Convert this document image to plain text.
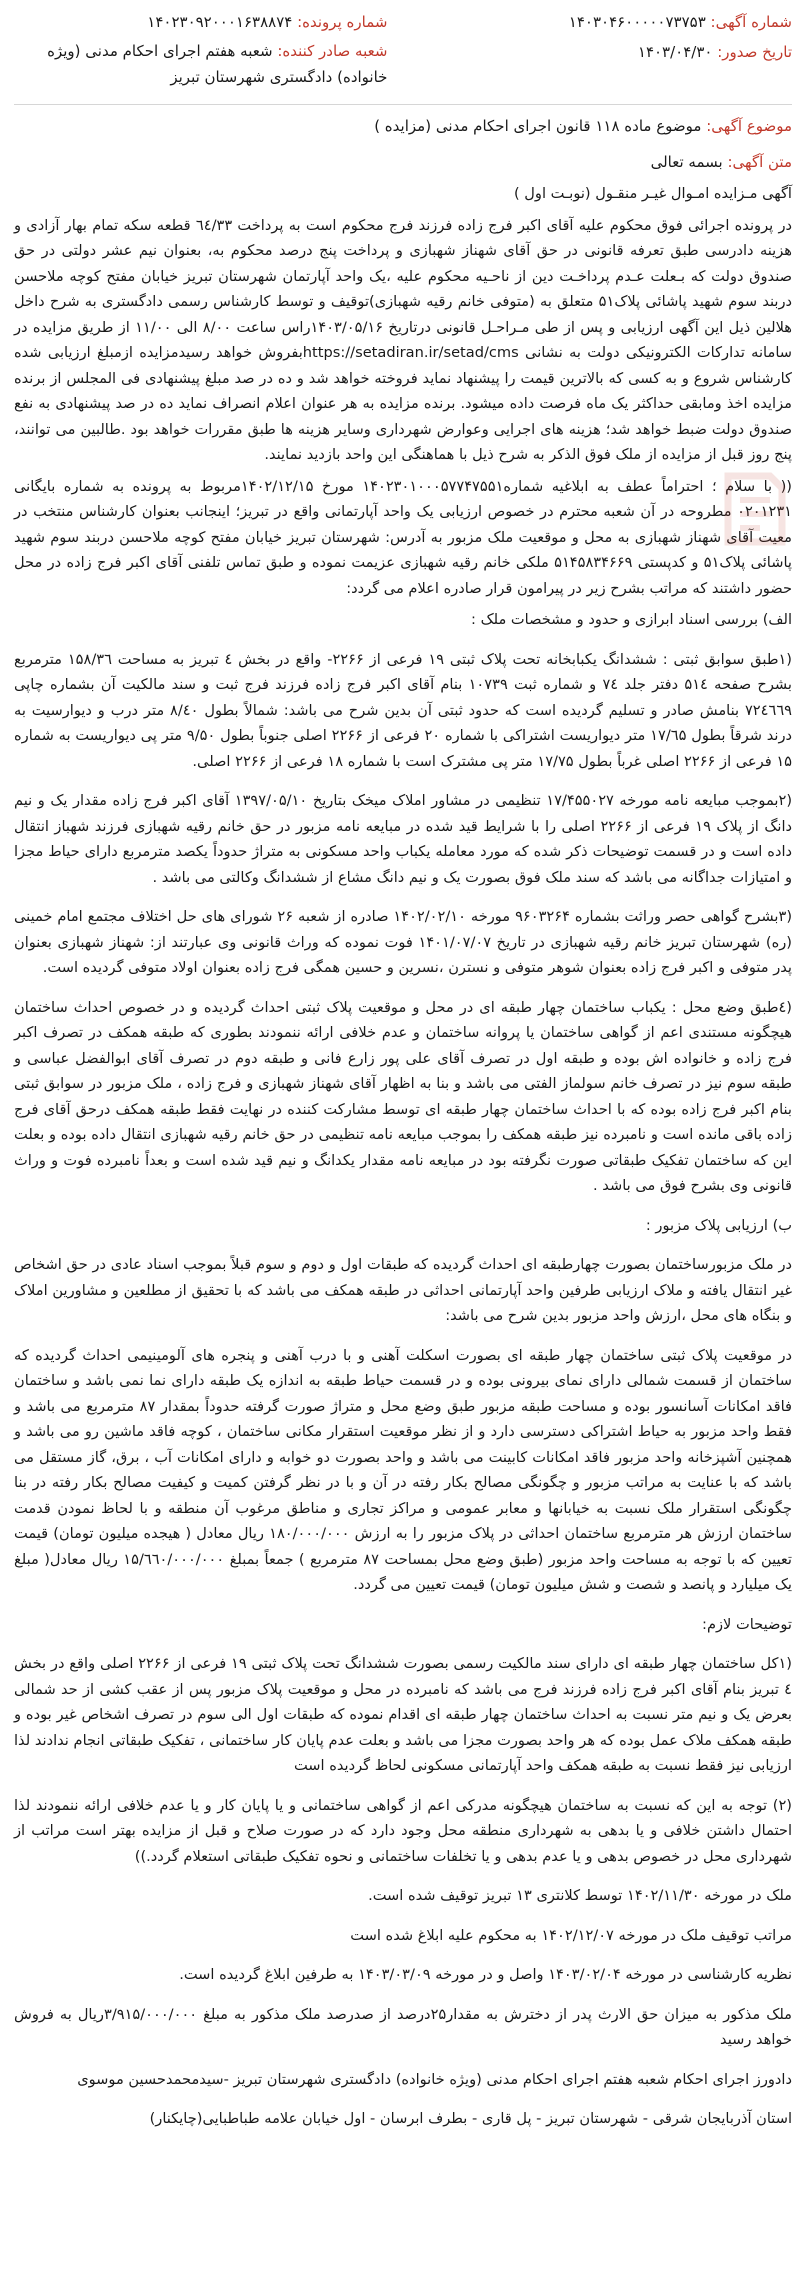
شماره آگهی: ۱۴۰۳۰۴۶۰۰۰۰۰۷۳۷۵۳
تاریخ صدور: ۱۴۰۳/۰۴/۳۰
شماره پرونده: ۱۴۰۲۳۰۹۲۰۰۰۱۶۳۸۸۷۴
شعبه صادر کننده: شعبه هفتم اجرای احکام مدنی (ویژه خانواده) دادگستری شهرستان تبریز
موضوع آگهی: موضوع ماده ۱۱۸ قانون اجرای احکام مدنی (مزایده )
متن آگهی: بسمه تعالی
آگهی مـزایده امـوال غیـر منقـول (نوبـت اول )
در پرونده اجرائی فوق محکوم علیه آقای اکبر فرج زاده فرزند فرج محکوم است به پرداخت ٦٤/٣٣ قطعه سکه تمام بهار آزادی و هزینه دادرسی طبق تعرفه قانونی در حق آقای شهناز شهبازی و پرداخت پنج درصد محکوم به، بعنوان نیم عشر دولتی در حق صندوق دولت که بـعلت عـدم پرداخـت دین از ناحـیه محکوم علیه ،یک واحد آپارتمان شهرستان تبریز خیابان مفتح کوچه ملاحسن دربند سوم شهید پاشائی پلاک۵۱ متعلق به (متوفی خانم رقیه شهبازی)توقیف و توسط کارشناس رسمی دادگستری به شرح داخل هلالین ذیل این آگهی ارزیابی و پس از طی مـراحـل قانونی درتاریخ ۱۴۰۳/۰۵/۱۶راس ساعت ۸/۰۰ الی ۱۱/۰۰ از طریق مزایده در سامانه تدارکات الکترونیکی دولت به نشانی https://setadiran.ir/setad/cmsبفروش خواهد رسیدمزایده ازمبلغ ارزیابی شده کارشناس شروع و به کسی که بالاترین قیمت را پیشنهاد نماید فروخته خواهد شد و ده در صد مبلغ پیشنهادی فی المجلس از برنده مزایده اخذ ومابقی حداکثر یک ماه فرصت داده میشود. برنده مزایده به هر عنوان اعلام انصراف نماید ده در صد پیشنهادی به نفع صندوق دولت ضبط خواهد شد؛ هزینه های اجرایی وعوارض شهرداری وسایر هزینه ها طبق مقررات خواهد بود .طالبین می توانند، پنج روز قبل از مزایده از ملک فوق الذکر به شرح ذیل با هماهنگی این واحد بازدید نمایند.
(( با سلام ؛ احتراماً عطف به ابلاغیه شماره۱۴۰۲۳۰۱۰۰۰۵۷۷۴۷۵۵۱ مورخ ۱۴۰۲/۱۲/۱۵مربوط به پرونده به شماره بایگانی ۰۲۰۱۲۳۱ مطروحه در آن شعبه محترم در خصوص ارزیابی یک واحد آپارتمانی واقع در تبریز؛ اینجانب بعنوان کارشناس منتخب در معیت آقای شهناز شهبازی به محل و موقعیت ملک مزبور به آدرس: شهرستان تبریز خیابان مفتح کوچه ملاحسن دربند سوم شهید پاشائی پلاک۵۱ و کدپستی ۵۱۴۵۸۳۴۶۶۹ ملکی خانم رقیه شهبازی عزیمت نموده و طبق تماس تلفنی آقای اکبر فرج زاده در محل حضور داشتند که مراتب بشرح زیر در پیرامون قرار صادره اعلام می گردد:
الف) بررسی اسناد ابرازی و حدود و مشخصات ملک :
(۱طبق سوابق ثبتی : ششدانگ یکبابخانه تحت پلاک ثبتی ۱۹ فرعی از ۲۲۶۶- واقع در بخش ٤ تبریز به مساحت ۱۵۸/۳٦ مترمربع بشرح صفحه ۵۱٤ دفتر جلد ٧٤ و شماره ثبت ۱۰۷۳۹ بنام آقای اکبر فرج زاده فرزند فرج ثبت و سند مالکیت آن بشماره چاپی ٧۲٤٦٦۹ بنامش صادر و تسلیم گردیده است که حدود ثبتی آن بدین شرح می باشد: شمالاً بطول ۸/٤۰ متر درب و دیوارسیت به درند شرقاً بطول ۱۷/٦۵ متر دیواریست اشتراکی با شماره ۲۰ فرعی از ۲۲۶۶ اصلی جنوباً بطول ۹/۵۰ متر پی دیواریست به شماره ۱۵ فرعی از ۲۲۶۶ اصلی غرباً بطول ۱۷/۷۵ متر پی مشترک است با شماره ۱۸ فرعی از ۲۲۶۶ اصلی.
(۲بموجب مبایعه نامه مورخه ۱۷/۴۵۵۰۲۷ تنظیمی در مشاور املاک میخک بتاریخ ۱۳۹۷/۰۵/۱۰ آقای اکبر فرج زاده مقدار یک و نیم دانگ از پلاک ۱۹ فرعی از ۲۲۶۶ اصلی را با شرایط قید شده در مبایعه نامه مزبور در حق خانم رقیه شهبازی فرزند شهباز انتقال داده است و در قسمت توضیحات ذکر شده که مورد معامله یکباب واحد مسکونی به متراژ حدوداً یکصد مترمربع دارای حیاط مجزا و امتیازات جداگانه می باشد که سند ملک فوق بصورت یک و نیم دانگ مشاع از ششدانگ وکالتی می باشد .
(۳بشرح گواهی حصر وراثت بشماره ۹۶۰۳۲۶۴ مورخه ۱۴۰۲/۰۲/۱۰ صادره از شعبه ۲۶ شورای های حل اختلاف مجتمع امام خمینی (ره) شهرستان تبریز خانم رقیه شهبازی در تاریخ ۱۴۰۱/۰۷/۰۷ فوت نموده که وراث قانونی وی عبارتند از: شهناز شهبازی بعنوان پدر متوفی و اکبر فرج زاده بعنوان شوهر متوفی و نسترن ،نسرین و حسین همگی فرج زاده بعنوان اولاد متوفی گردیده است.
(٤طبق وضع محل : یکباب ساختمان چهار طبقه ای در محل و موقعیت پلاک ثبتی احداث گردیده و در خصوص احداث ساختمان هیچگونه مستندی اعم از گواهی ساختمان یا پروانه ساختمان و عدم خلافی ارائه ننمودند بطوری که طبقه همکف در تصرف اکبر فرج زاده و خانواده اش بوده و طبقه اول در تصرف آقای علی پور زارع فانی و طبقه دوم در تصرف آقای ابوالفضل عباسی و طبقه سوم نیز در تصرف خانم سولماز الفتی می باشد و بنا به اظهار آقای شهناز شهبازی و فرج زاده ، ملک مزبور در سوابق ثبتی بنام اکبر فرج زاده بوده که با احداث ساختمان چهار طبقه ای توسط مشارکت کننده در نهایت فقط طبقه همکف درحق آقای فرج زاده باقی مانده است و نامبرده نیز طبقه همکف را بموجب مبایعه نامه تنظیمی در حق خانم رقیه شهبازی انتقال داده بوده و بعلت این که ساختمان تفکیک طبقاتی صورت نگرفته بود در مبایعه نامه مقدار یکدانگ و نیم قید شده است و بعداً نامبرده فوت و وراث قانونی وی بشرح فوق می باشد .
ب) ارزیابی پلاک مزبور :
در ملک مزبورساختمان بصورت چهارطبقه ای احداث گردیده که طبقات اول و دوم و سوم قبلاً بموجب اسناد عادی در حق اشخاص غیر انتقال یافته و ملاک ارزیابی طرفین واحد آپارتمانی احداثی در طبقه همکف می باشد که با تحقیق از مطلعین و مشاورین املاک و بنگاه های محل ،ارزش واحد مزبور بدین شرح می باشد:
در موقعیت پلاک ثبتی ساختمان چهار طبقه ای بصورت اسکلت آهنی و با درب آهنی و پنجره های آلومینیمی احداث گردیده که ساختمان از قسمت شمالی دارای نمای بیرونی بوده و در قسمت حیاط طبقه به اندازه یک طبقه دارای نما نمی باشد و ساختمان فاقد امکانات آسانسور بوده و مساحت طبقه مزبور طبق وضع محل و متراژ صورت گرفته حدوداً بمقدار ۸۷ مترمربع می باشد و فقط واحد مزبور به حیاط اشتراکی دسترسی دارد و از نظر موقعیت استقرار مکانی ساختمان ، کوچه فاقد ماشین رو می باشد و همچنین آشپزخانه واحد مزبور فاقد امکانات کابینت می باشد و واحد بصورت دو خوابه و دارای امکانات آب ، برق، گاز مستقل می باشد که با عنایت به مراتب مزبور و چگونگی مصالح بکار رفته در آن و با در نظر گرفتن کمیت و کیفیت مصالح بکار رفته در بنا چگونگی استقرار ملک نسبت به خیابانها و معابر عمومی و مراکز تجاری و مناطق مرغوب آن منطقه و با لحاظ نمودن قدمت ساختمان ارزش هر مترمربع ساختمان احداثی در پلاک مزبور را به ارزش ۱۸۰/۰۰۰/۰۰۰ ریال معادل ( هیجده میلیون تومان) قیمت تعیین که با توجه به مساحت واحد مزبور (طبق وضع محل بمساحت ۸۷ مترمربع ) جمعاً بمبلغ ۱۵/٦٦۰/۰۰۰/۰۰۰ ریال معادل( مبلغ یک میلیارد و پانصد و شصت و شش میلیون تومان) قیمت تعیین می گردد.
توضیحات لازم:
(۱کل ساختمان چهار طبقه ای دارای سند مالکیت رسمی بصورت ششدانگ تحت پلاک ثبتی ۱۹ فرعی از ۲۲۶۶ اصلی واقع در بخش ٤ تبریز بنام آقای اکبر فرج زاده فرزند فرج می باشد که نامبرده در محل و موقعیت پلاک مزبور پس از عقب کشی از حد شمالی بعرض یک و نیم متر نسبت به احداث ساختمان چهار طبقه ای اقدام نموده که طبقات اول الی سوم در تصرف اشخاص غیر بوده و طبقه همکف ملاک عمل بوده که هر واحد بصورت مجزا می باشد و بعلت عدم پایان کار ساختمانی ، تفکیک طبقاتی انجام ندادند لذا ارزیابی نیز فقط نسبت به طبقه همکف واحد آپارتمانی مسکونی لحاظ گردیده است
(۲) توجه به این که نسبت به ساختمان هیچگونه مدرکی اعم از گواهی ساختمانی و یا پایان کار و یا عدم خلافی ارائه ننمودند لذا احتمال داشتن خلافی و یا بدهی به شهرداری منطقه محل وجود دارد که در صورت صلاح و قبل از مزایده بهتر است مراتب از شهرداری محل در خصوص بدهی و یا عدم بدهی و یا تخلفات ساختمانی و نحوه تفکیک طبقاتی استعلام گردد.))
ملک در مورخه ۱۴۰۲/۱۱/۳۰ توسط کلانتری ۱۳ تبریز توقیف شده است.
مراتب توقیف ملک در مورخه ۱۴۰۲/۱۲/۰۷ به محکوم علیه ابلاغ شده است
نظریه کارشناسی در مورخه ۱۴۰۳/۰۲/۰۴ واصل و در مورخه ۱۴۰۳/۰۳/۰۹ به طرفین ابلاغ گردیده است.
ملک مذکور به میزان حق الارث پدر از دخترش به مقدار۲۵درصد از صدرصد ملک مذکور به مبلغ ۳/۹۱۵/۰۰۰/۰۰۰ریال به فروش خواهد رسید
دادورز اجرای احکام شعبه هفتم اجرای احکام مدنی (ویژه خانواده) دادگستری شهرستان تبریز -سیدمحمدحسین موسوی
استان آذربایجان شرقی - شهرستان تبریز - پل قاری - بطرف ابرسان - اول خیابان علامه طباطبایی(چایکنار)
